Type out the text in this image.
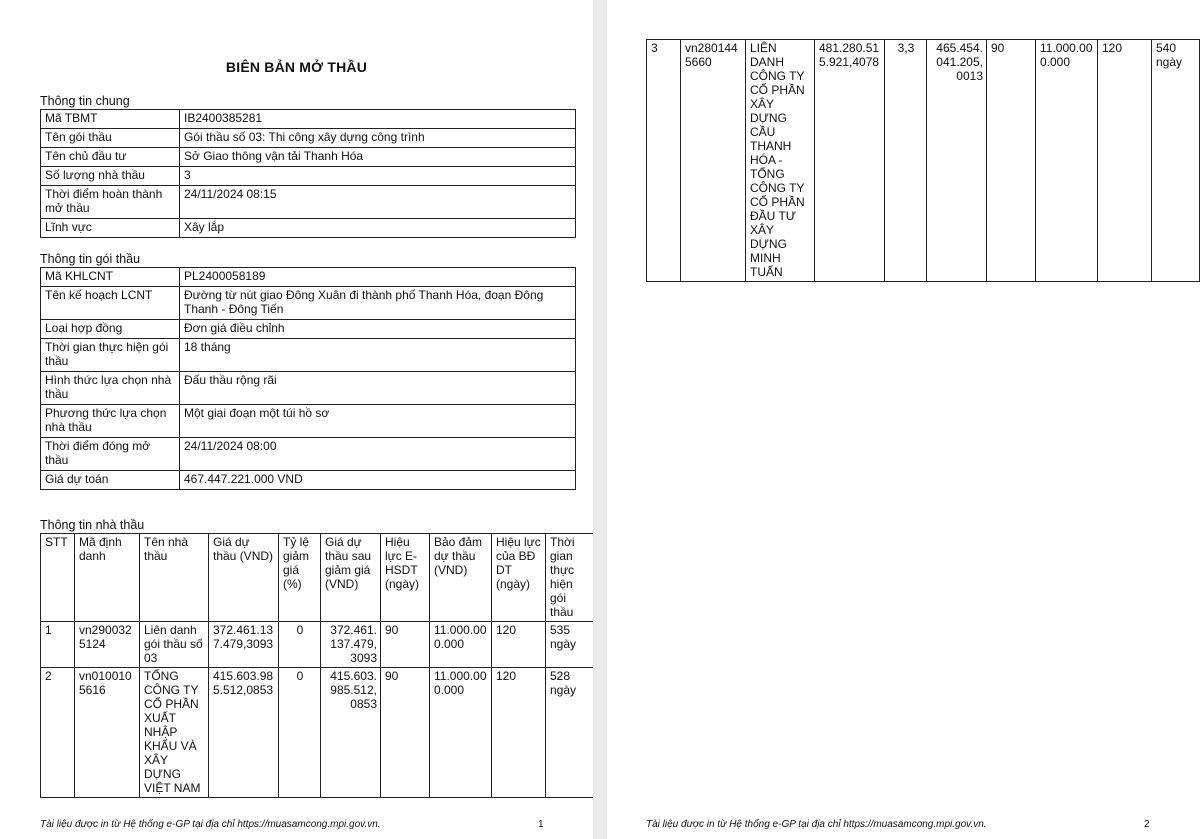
BIÊN BẢN MỞ THẦU
Thông tin chung
Mã TBMT	IB2400385281
Tên gói thầu	Gói thầu số 03: Thi công xây dựng công trình
Tên chủ đầu tư	Sở Giao thông vận tải Thanh Hóa
Số lượng nhà thầu	3
Thời điểm hoàn thành mở thầu	24/11/2024 08:15
Lĩnh vực	Xây lắp
Thông tin gói thầu
Mã KHLCNT	PL2400058189
Tên kế hoạch LCNT	Đường từ nút giao Đông Xuân đi thành phố Thanh Hóa, đoạn Đông Thanh - Đông Tiến
Loại hợp đồng	Đơn giá điều chỉnh
Thời gian thực hiện gói thầu	18 tháng
Hình thức lựa chọn nhà thầu	Đấu thầu rộng rãi
Phương thức lựa chọn nhà thầu	Một giai đoạn một túi hồ sơ
Thời điểm đóng mở thầu	24/11/2024 08:00
Giá dự toán	467.447.221.000 VND
Thông tin nhà thầu
STT	Mã định danh	Tên nhà thầu	Giá dự thầu (VND)	Tỷ lệ giảm giá (%)	Giá dự thầu sau giảm giá (VND)	Hiệu lực E-HSDT (ngày)	Bảo đảm dự thầu (VND)	Hiệu lực của BĐ DT (ngày)	Thời gian thực hiện gói thầu
1	vn2900325124	Liên danh gói thầu số 03	372.461.137.479,3093	0	372.461.137.479,3093	90	11.000.000.000	120	535 ngày
2	vn0100105616	TỔNG CÔNG TY CỔ PHẦN XUẤT NHẬP KHẨU VÀ XÂY DỰNG VIỆT NAM	415.603.985.512,0853	0	415.603.985.512,0853	90	11.000.000.000	120	528 ngày
Tài liệu được in từ Hệ thống e-GP tại địa chỉ https://muasamcong.mpi.gov.vn.	1
3	vn2801445660	LIÊN DANH CÔNG TY CỔ PHẦN XÂY DỰNG CẦU THANH HÓA - TỔNG CÔNG TY CỔ PHẦN ĐẦU TƯ XÂY DỰNG MINH TUẤN	481.280.515.921,4078	3,3	465.454.041.205,0013	90	11.000.000.000	120	540 ngày
Tài liệu được in từ Hệ thống e-GP tại địa chỉ https://muasamcong.mpi.gov.vn.	2
